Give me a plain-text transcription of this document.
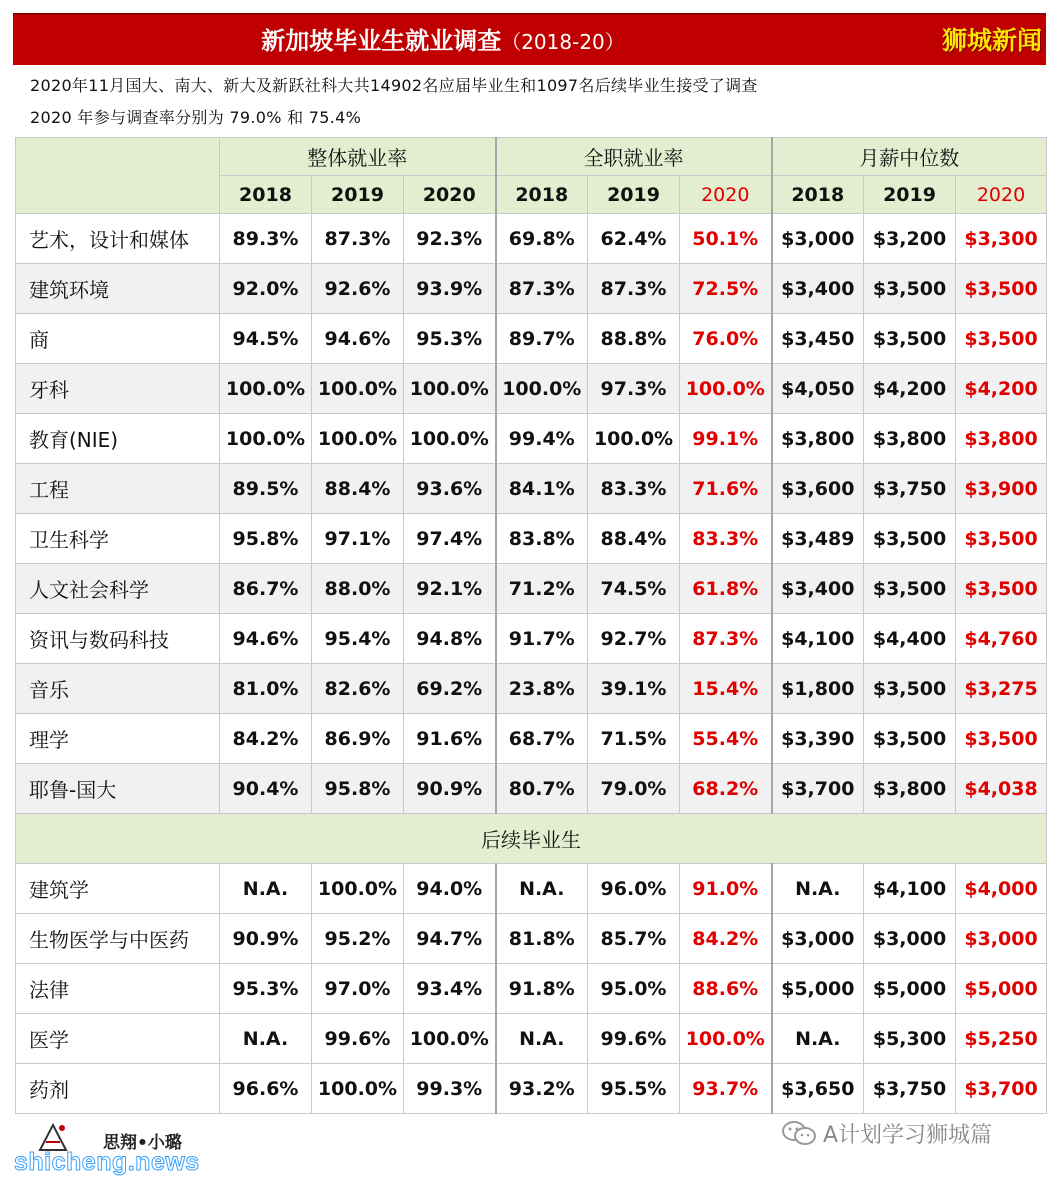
新加坡毕业生就业调查（2018-20）	狮城新闻
2020年11月国大、南大、新大及新跃社科大共14902名应届毕业生和1097名后续毕业生接受了调查
2020 年参与调查率分别为 79.0% 和 75.4%
	整体就业率			全职就业率			月薪中位数		
	2018	2019	2020	2018	2019	2020	2018	2019	2020
艺术，设计和媒体	89.3%	87.3%	92.3%	69.8%	62.4%	50.1%	$3,000	$3,200	$3,300
建筑环境	92.0%	92.6%	93.9%	87.3%	87.3%	72.5%	$3,400	$3,500	$3,500
商	94.5%	94.6%	95.3%	89.7%	88.8%	76.0%	$3,450	$3,500	$3,500
牙科	100.0%	100.0%	100.0%	100.0%	97.3%	100.0%	$4,050	$4,200	$4,200
教育(NIE)	100.0%	100.0%	100.0%	99.4%	100.0%	99.1%	$3,800	$3,800	$3,800
工程	89.5%	88.4%	93.6%	84.1%	83.3%	71.6%	$3,600	$3,750	$3,900
卫生科学	95.8%	97.1%	97.4%	83.8%	88.4%	83.3%	$3,489	$3,500	$3,500
人文社会科学	86.7%	88.0%	92.1%	71.2%	74.5%	61.8%	$3,400	$3,500	$3,500
资讯与数码科技	94.6%	95.4%	94.8%	91.7%	92.7%	87.3%	$4,100	$4,400	$4,760
音乐	81.0%	82.6%	69.2%	23.8%	39.1%	15.4%	$1,800	$3,500	$3,275
理学	84.2%	86.9%	91.6%	68.7%	71.5%	55.4%	$3,390	$3,500	$3,500
耶鲁-国大	90.4%	95.8%	90.9%	80.7%	79.0%	68.2%	$3,700	$3,800	$4,038
后续毕业生									
建筑学	N.A.	100.0%	94.0%	N.A.	96.0%	91.0%	N.A.	$4,100	$4,000
生物医学与中医药	90.9%	95.2%	94.7%	81.8%	85.7%	84.2%	$3,000	$3,000	$3,000
法律	95.3%	97.0%	93.4%	91.8%	95.0%	88.6%	$5,000	$5,000	$5,000
医学	N.A.	99.6%	100.0%	N.A.	99.6%	100.0%	N.A.	$5,300	$5,250
药剂	96.6%	100.0%	99.3%	93.2%	95.5%	93.7%	$3,650	$3,750	$3,700
思翔•小璐
shicheng.news
A计划学习狮城篇
